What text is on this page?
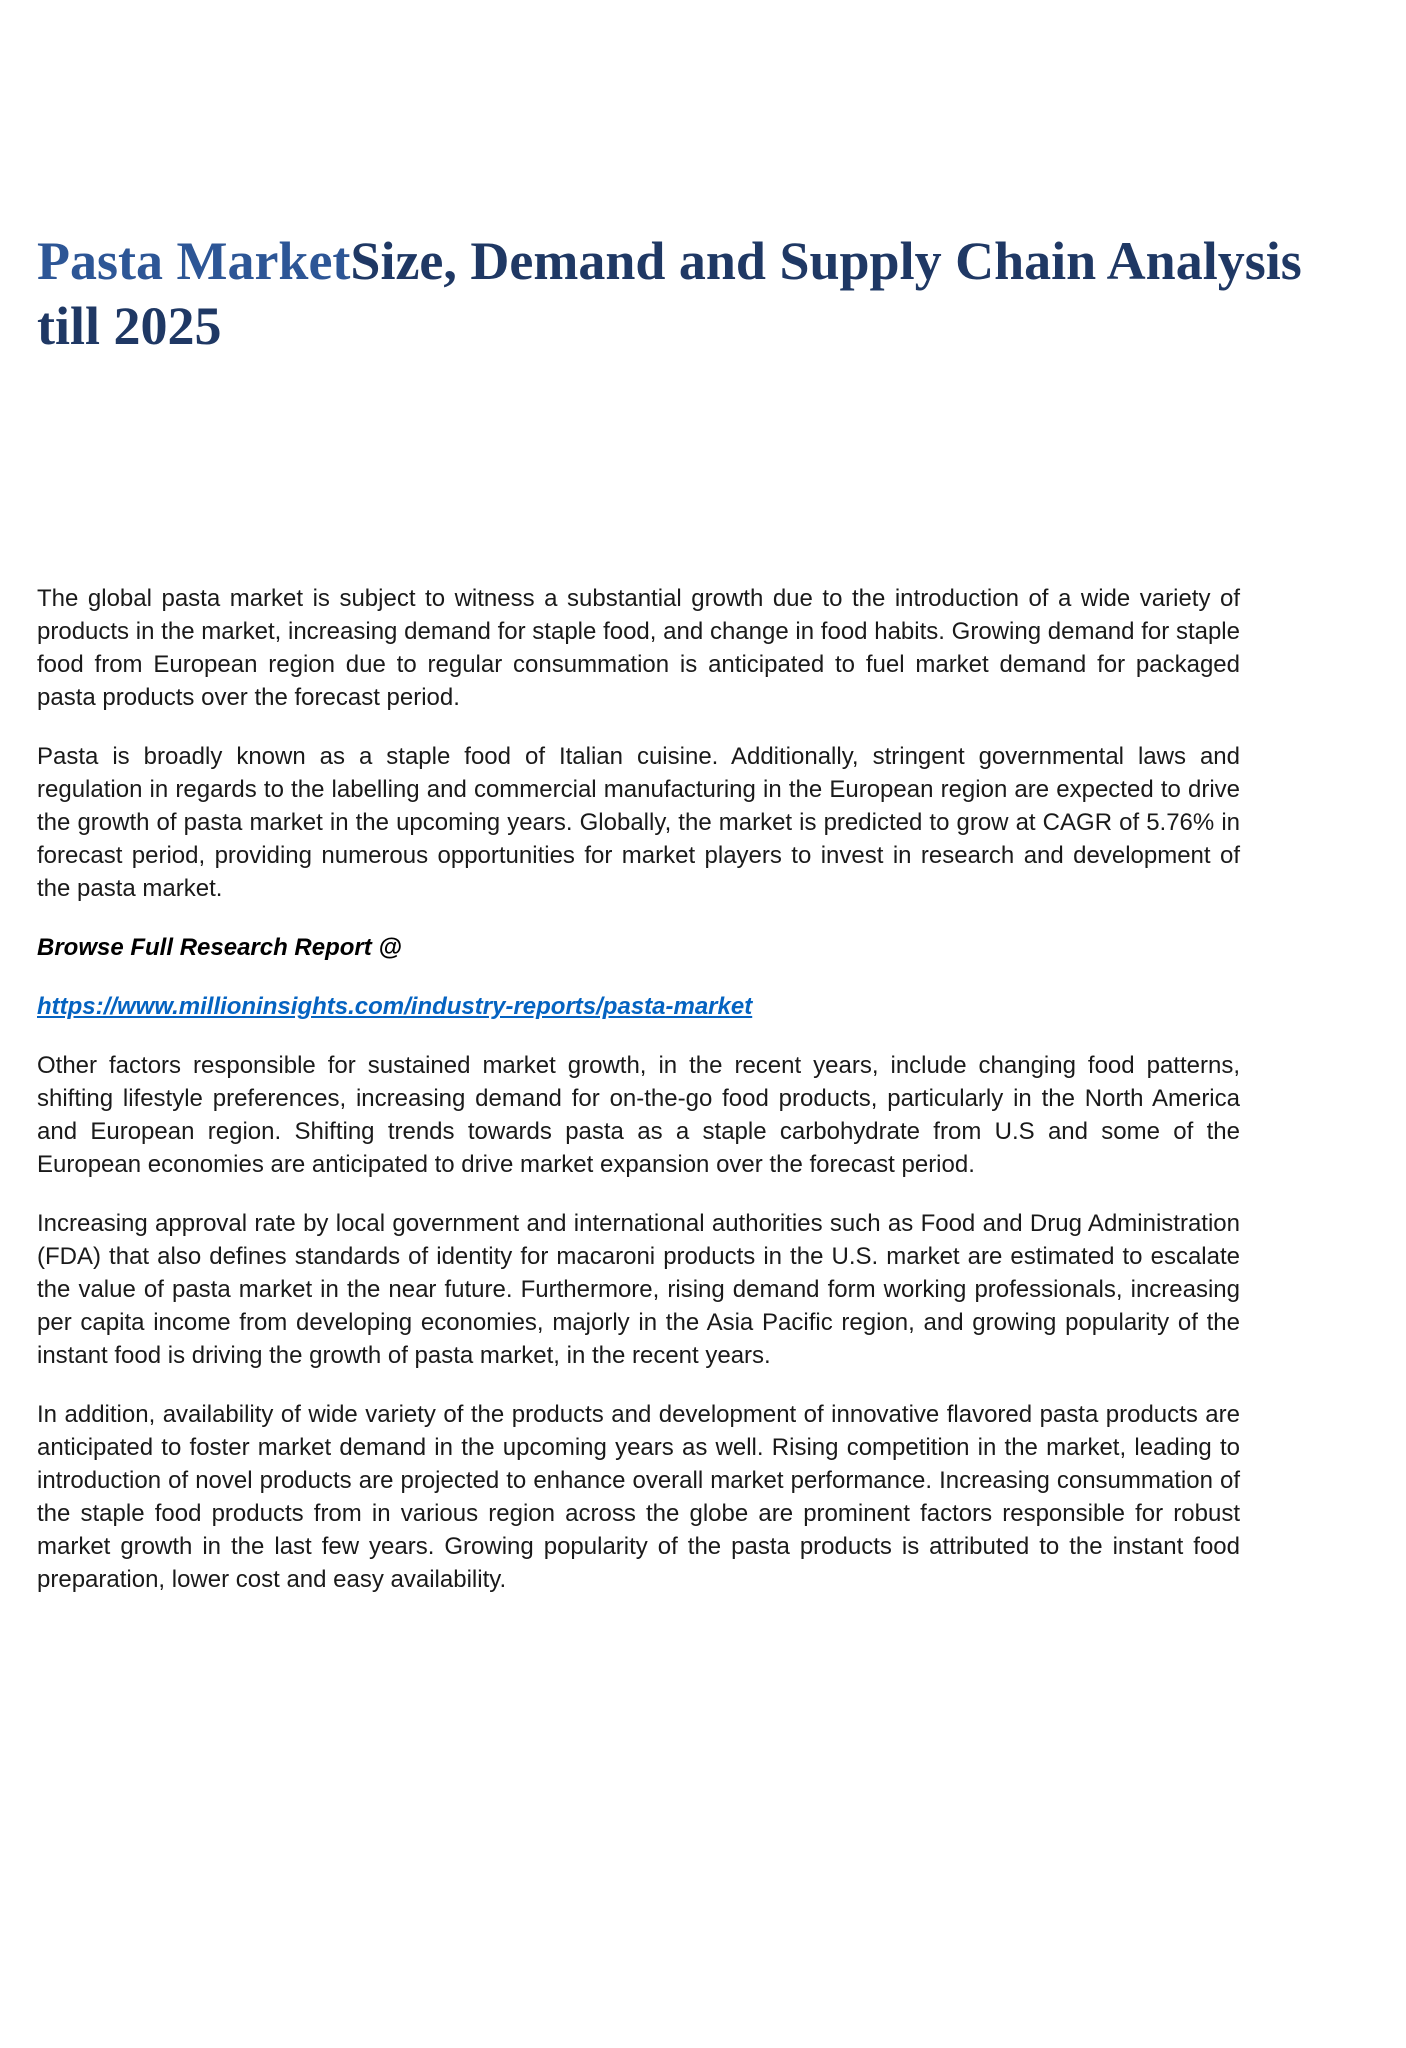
Pasta MarketSize, Demand and Supply Chain Analysis
till 2025

The global pasta market is subject to witness a substantial growth due to the introduction of a wide variety of products in the market, increasing demand for staple food, and change in food habits. Growing demand for staple food from European region due to regular consummation is anticipated to fuel market demand for packaged pasta products over the forecast period.

Pasta is broadly known as a staple food of Italian cuisine. Additionally, stringent governmental laws and regulation in regards to the labelling and commercial manufacturing in the European region are expected to drive the growth of pasta market in the upcoming years. Globally, the market is predicted to grow at CAGR of 5.76% in forecast period, providing numerous opportunities for market players to invest in research and development of the pasta market.

Browse Full Research Report @

https://www.millioninsights.com/industry-reports/pasta-market

Other factors responsible for sustained market growth, in the recent years, include changing food patterns, shifting lifestyle preferences, increasing demand for on-the-go food products, particularly in the North America and European region. Shifting trends towards pasta as a staple carbohydrate from U.S and some of the European economies are anticipated to drive market expansion over the forecast period.

Increasing approval rate by local government and international authorities such as Food and Drug Administration (FDA) that also defines standards of identity for macaroni products in the U.S. market are estimated to escalate the value of pasta market in the near future. Furthermore, rising demand form working professionals, increasing per capita income from developing economies, majorly in the Asia Pacific region, and growing popularity of the instant food is driving the growth of pasta market, in the recent years.

In addition, availability of wide variety of the products and development of innovative flavored pasta products are anticipated to foster market demand in the upcoming years as well. Rising competition in the market, leading to introduction of novel products are projected to enhance overall market performance. Increasing consummation of the staple food products from in various region across the globe are prominent factors responsible for robust market growth in the last few years. Growing popularity of the pasta products is attributed to the instant food preparation, lower cost and easy availability.
